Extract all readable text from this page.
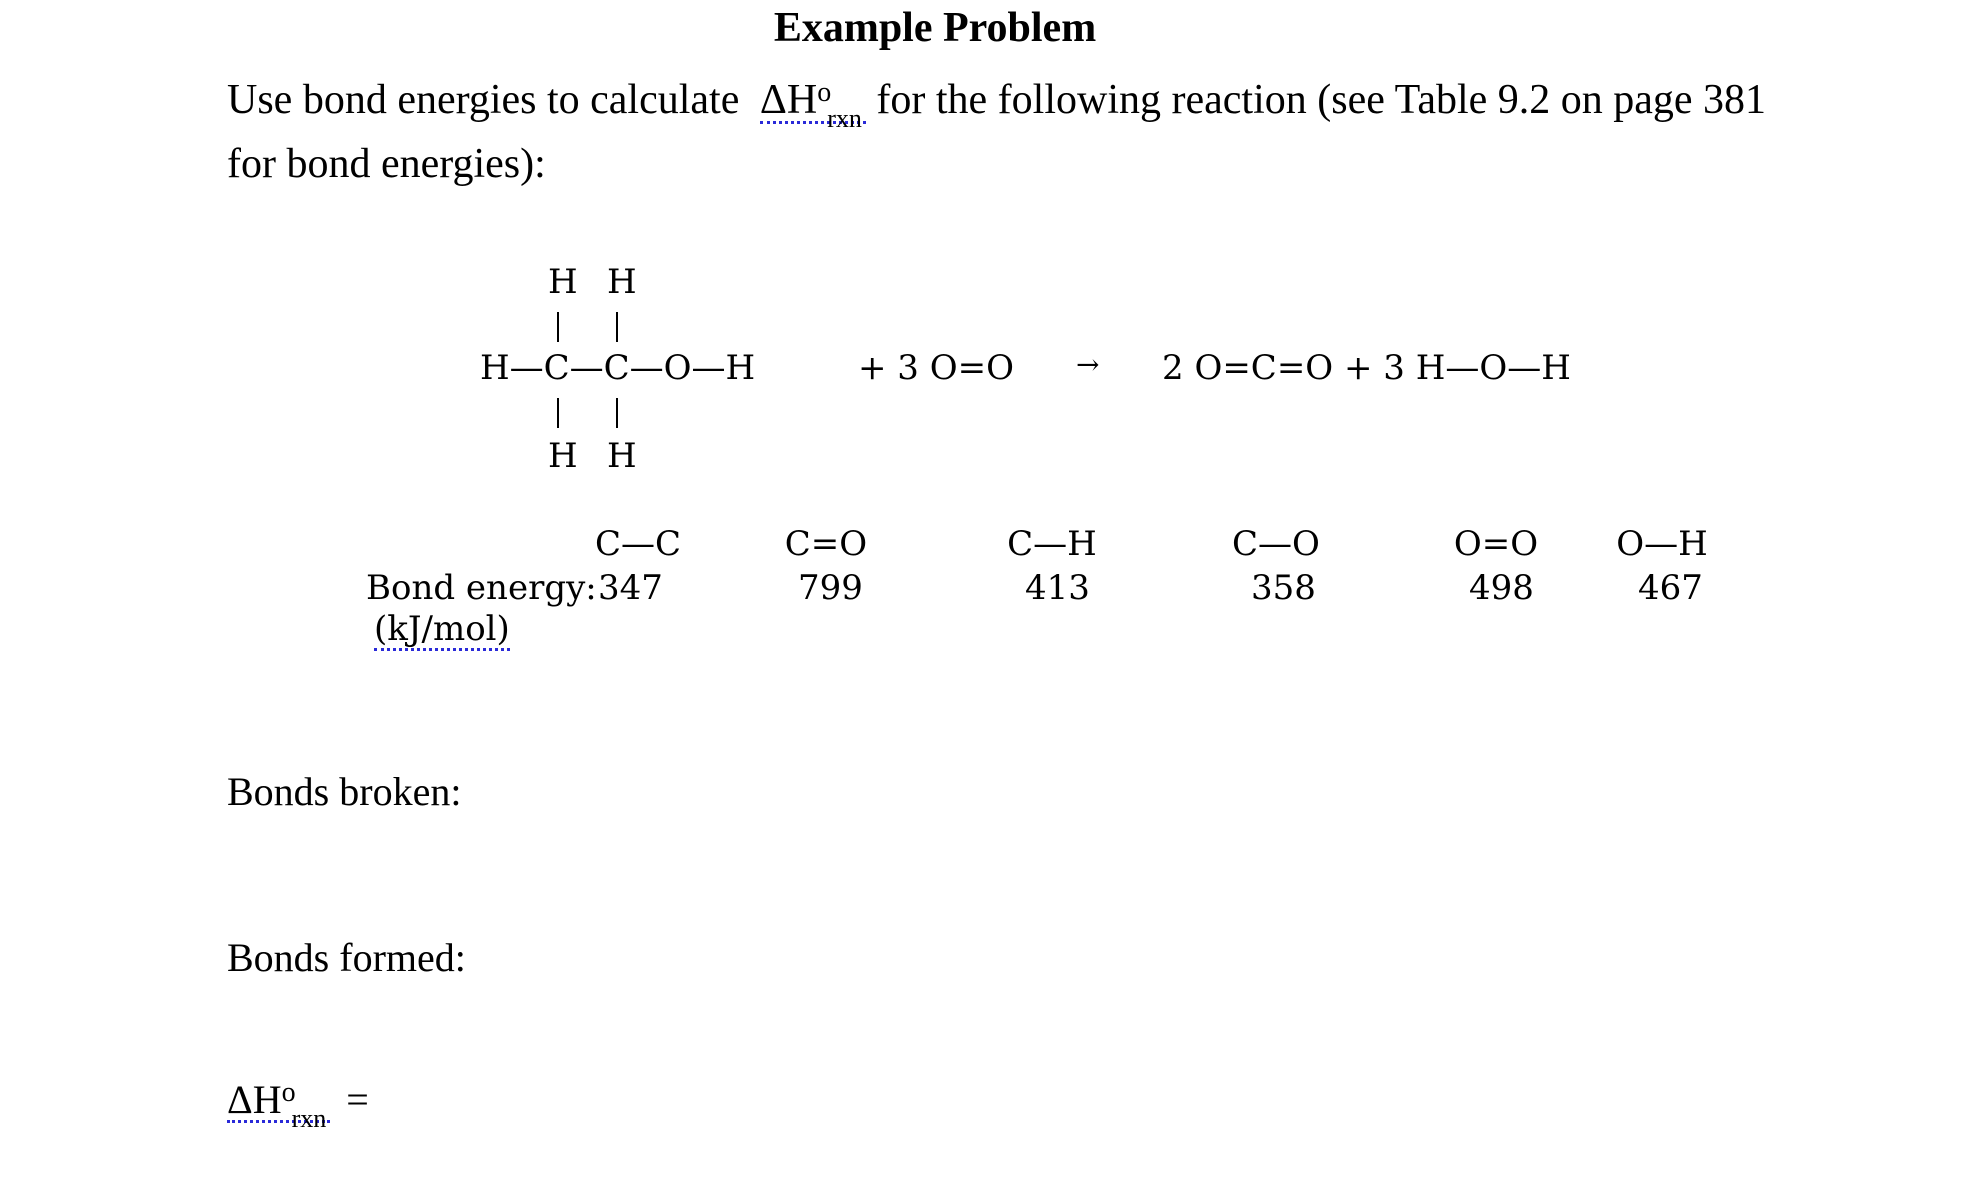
Example Problem
Use bond energies to calculate $\Delta H^o_{rxn}$ for the following reaction (see Table 9.2 on page 381
for bond energies):
H H
H—C—C—O—H
H H
+ 3 O=O → 2 O=C=O + 3 H—O—H
Bond energy:
(kJ/mol)
C—C
347
C=O
799
C—H
413
C—O
358
O=O
498
O—H
467
Bonds broken:
Bonds formed:
$\Delta H^o_{rxn}$ =
